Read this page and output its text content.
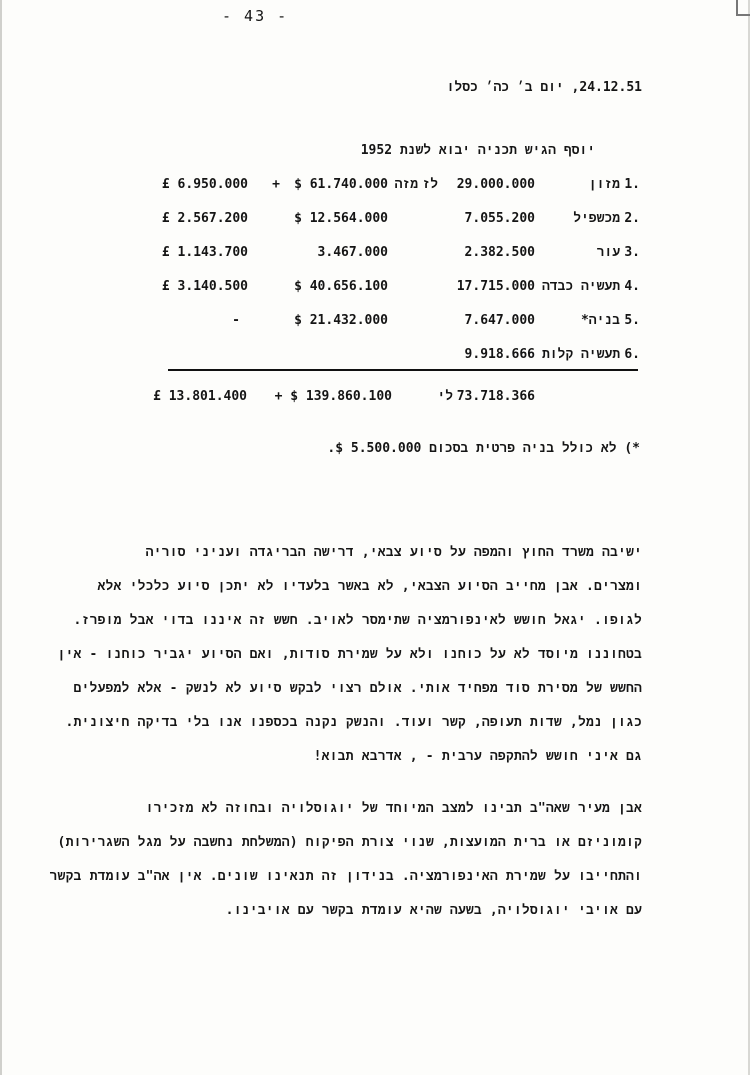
- 43 -
24.12.51, יום ב׳ כה׳ כסלו
יוסף הגיש תכניה יבוא לשנת 1952
1.
מזון
29.000.000
לז
מזה
$ 61.740.000
+
£ 6.950.000
2.
מכשפיל
7.055.200
$ 12.564.000
£ 2.567.200
3.
עור
2.382.500
3.467.000
£ 1.143.700
4.
תעשיה כבדה
17.715.000
$ 40.656.100
£ 3.140.500
5.
בניה*
7.647.000
$ 21.432.000
-
6.
תעשיה קלות
9.918.666
73.718.366
לי
+ $ 139.860.100
£ 13.801.400
*) לא כולל בניה פרטית בסכום 5.500.000 $.
ישיבה משרד החוץ והמפה על סיוע צבאי, דרישה הבריגדה ועניני סוריה
ומצרים. אבן מחייב הסיוע הצבאי, לא באשר בלעדיו לא יתכן סיוע כלכלי אלא
לגופו. יגאל חושש לאינפורמציה שתימסר לאויב. חשש זה איננו בדוי אבל מופרז.
בטחוננו מיוסד לא על כוחנו ולא על שמירת סודות, ואם הסיוע יגביר כוחנו - אין
החשש של מסירת סוד מפחיד אותי. אולם רצוי לבקש סיוע לא לנשק - אלא למפעלים
כגון נמל, שדות תעופה, קשר ועוד. והנשק נקנה בכספנו אנו בלי בדיקה חיצונית.
גם איני חושש להתקפה ערבית - , אדרבא תבוא!
אבן מעיר שאה"ב תבינו למצב המיוחד של יוגוסלויה ובחוזה לא מזכירו
קומוניזם או ברית המועצות, שנוי צורת הפיקוח (המשלחת נחשבה על מגל השגרירות)
והתחייבו על שמירת האינפורמציה. בנידון זה תנאינו שונים. אין אה"ב עומדת בקשר
עם אויבי יוגוסלויה, בשעה שהיא עומדת בקשר עם אויבינו.
